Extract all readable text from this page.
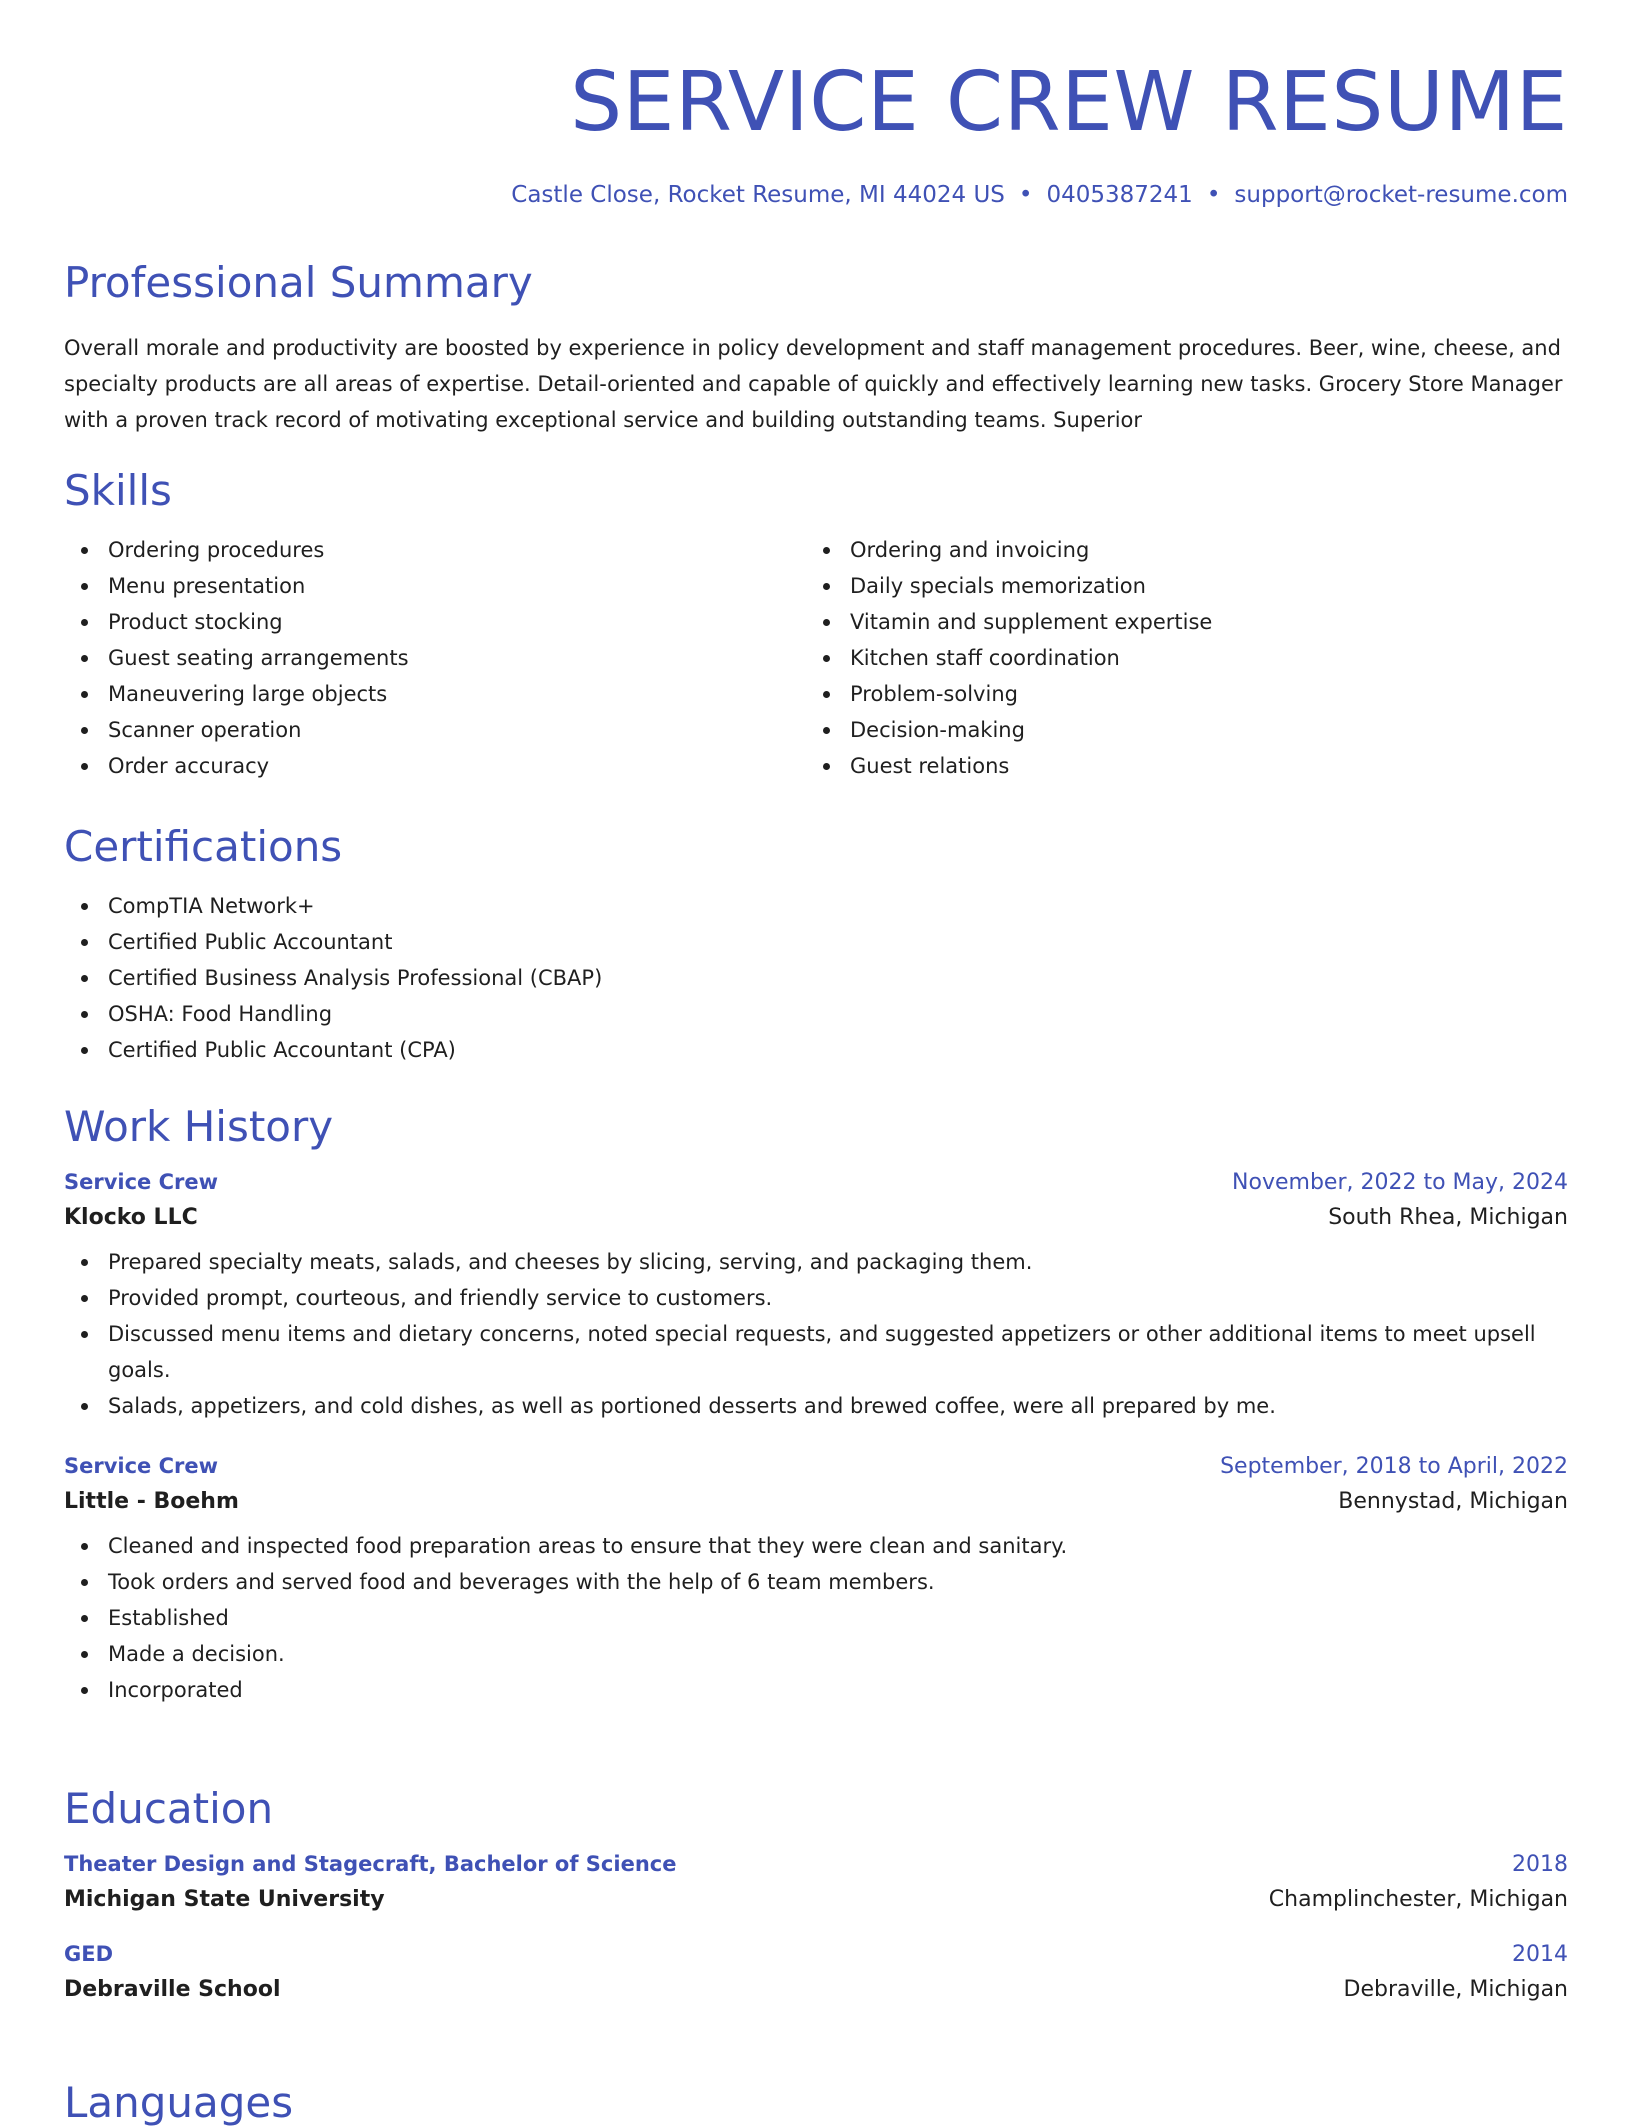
SERVICE CREW RESUME
Castle Close, Rocket Resume, MI 44024 US • 0405387241 • support@rocket-resume.com
Professional Summary

Overall morale and productivity are boosted by experience in policy development and staff management procedures. Beer, wine, cheese, and specialty products are all areas of expertise. Detail-oriented and capable of quickly and effectively learning new tasks. Grocery Store Manager with a proven track record of motivating exceptional service and building outstanding teams. Superior

Skills
Ordering procedures
Menu presentation
Product stocking
Guest seating arrangements
Maneuvering large objects
Scanner operation
Order accuracy
Ordering and invoicing
Daily specials memorization
Vitamin and supplement expertise
Kitchen staff coordination
Problem-solving
Decision-making
Guest relations
Certifications
CompTIA Network+
Certified Public Accountant
Certified Business Analysis Professional (CBAP)
OSHA: Food Handling
Certified Public Accountant (CPA)
Work History
Service Crew	November, 2022 to May, 2024
Klocko LLC	South Rhea, Michigan
Prepared specialty meats, salads, and cheeses by slicing, serving, and packaging them.
Provided prompt, courteous, and friendly service to customers.
Discussed menu items and dietary concerns, noted special requests, and suggested appetizers or other additional items to meet upsell goals.
Salads, appetizers, and cold dishes, as well as portioned desserts and brewed coffee, were all prepared by me.
Service Crew	September, 2018 to April, 2022
Little - Boehm	Bennystad, Michigan
Cleaned and inspected food preparation areas to ensure that they were clean and sanitary.
Took orders and served food and beverages with the help of 6 team members.
Established
Made a decision.
Incorporated
Education
Theater Design and Stagecraft, Bachelor of Science	2018
Michigan State University	Champlinchester, Michigan
GED	2014
Debraville School	Debraville, Michigan
Languages
